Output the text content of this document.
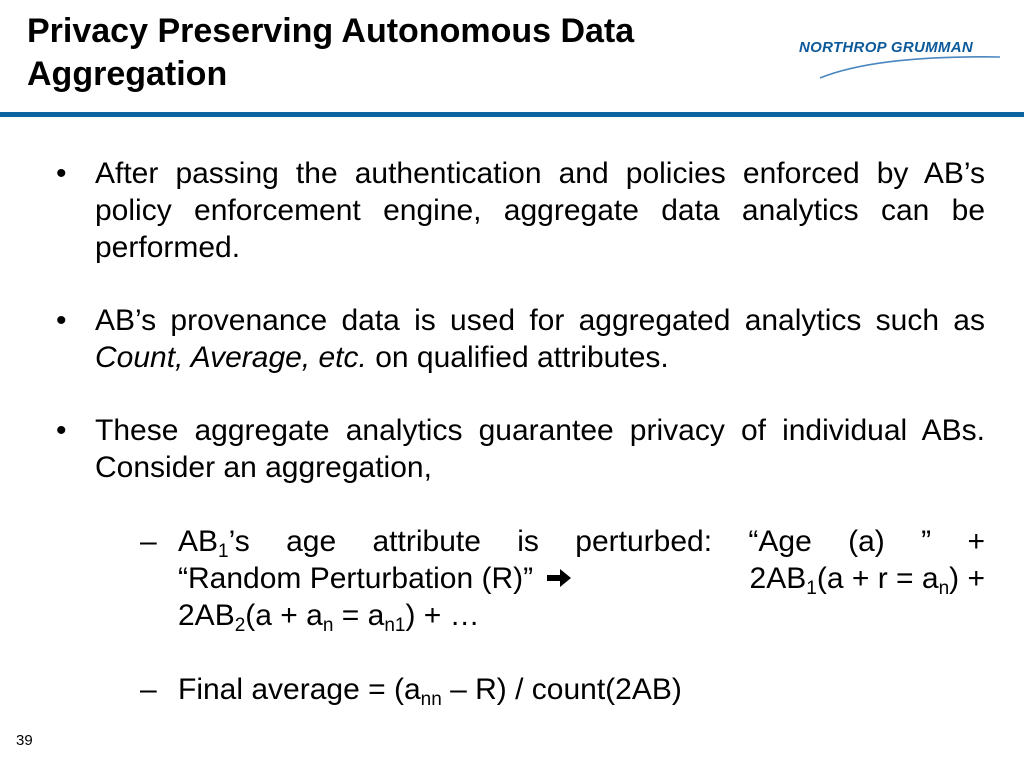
Privacy Preserving Autonomous Data Aggregation
NORTHROP GRUMMAN
• After passing the authentication and policies enforced by AB’s policy enforcement engine, aggregate data analytics can be performed.

• AB’s provenance data is used for aggregated analytics such as Count, Average, etc. on qualified attributes.

• These aggregate analytics guarantee privacy of individual ABs. Consider an aggregation,

– $AB_1’s$ age attribute is perturbed: “Age (a) ” +
“Random Perturbation (R)”	$2AB_1(a + r = a_n)$ +
$2AB_2(a + a_n = a_{n1})$ + …
– Final average = $(a_{nn} - R)$ / count(2AB)
39
